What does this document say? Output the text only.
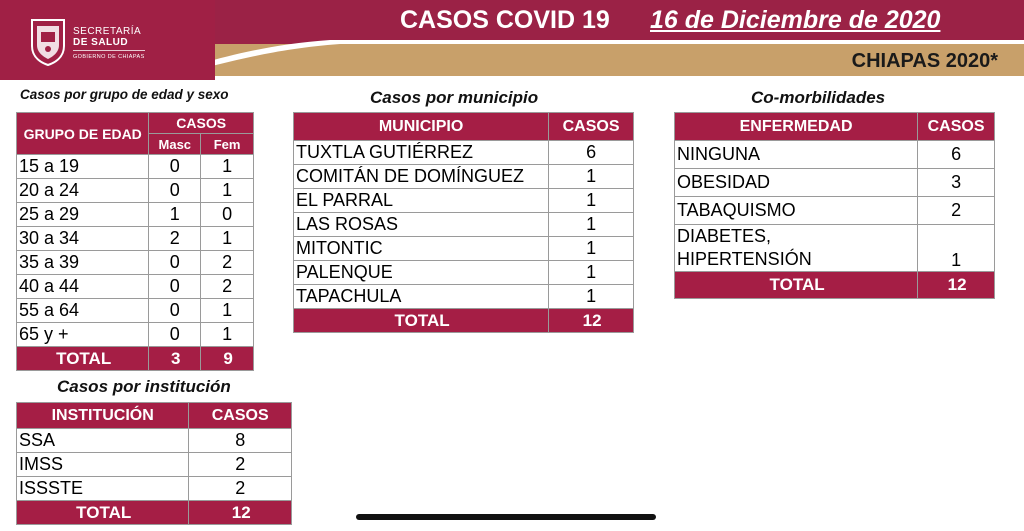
SECRETARÍA
DE SALUD
GOBIERNO DE CHIAPAS
CASOS COVID 19 16 de Diciembre de 2020
CHIAPAS 2020*
Casos por grupo de edad y sexo
GRUPO DE EDAD	CASOS	
	Masc	Fem
15 a 19	0	1
20 a 24	0	1
25 a 29	1	0
30 a 34	2	1
35 a 39	0	2
40 a 44	0	2
55 a 64	0	1
65 y +	0	1
TOTAL	3	9
Casos por institución
INSTITUCIÓN	CASOS
SSA	8
IMSS	2
ISSSTE	2
TOTAL	12
Casos por municipio
MUNICIPIO	CASOS
TUXTLA GUTIÉRREZ	6
COMITÁN DE DOMÍNGUEZ	1
EL PARRAL	1
LAS ROSAS	1
MITONTIC	1
PALENQUE	1
TAPACHULA	1
TOTAL	12
Co-morbilidades
ENFERMEDAD	CASOS
NINGUNA	6
OBESIDAD	3
TABAQUISMO	2

DIABETES,
HIPERTENSIÓN	1
TOTAL	12
